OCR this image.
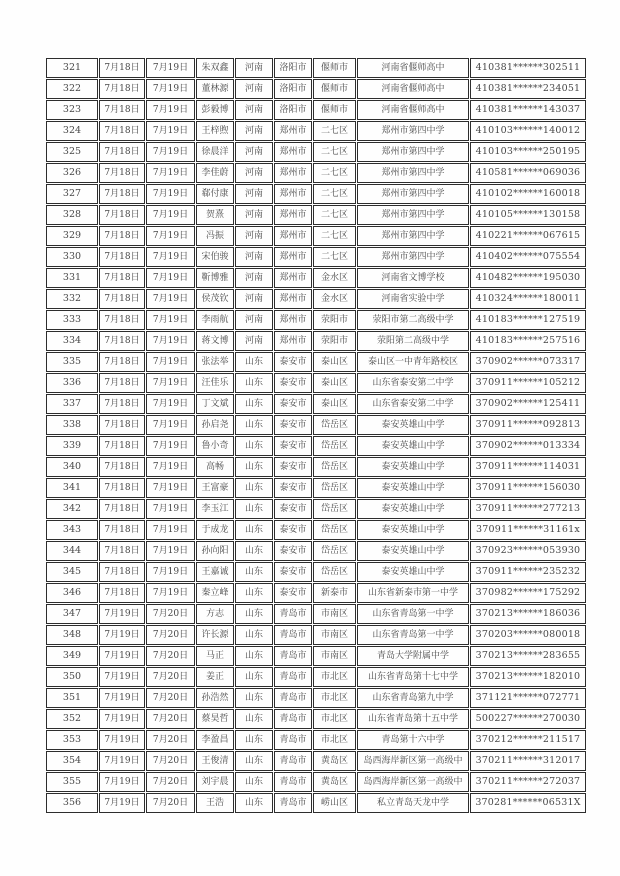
321	7月18日	7月19日	朱双鑫	河南	洛阳市	偃师市	河南省偃师高中	410381******302511
322	7月18日	7月19日	董林源	河南	洛阳市	偃师市	河南省偃师高中	410381******234051
323	7月18日	7月19日	彭毅博	河南	洛阳市	偃师市	河南省偃师高中	410381******143037
324	7月18日	7月19日	王梓煦	河南	郑州市	二七区	郑州市第四中学	410103******140012
325	7月18日	7月19日	徐晨洋	河南	郑州市	二七区	郑州市第四中学	410103******250195
326	7月18日	7月19日	李佳蔚	河南	郑州市	二七区	郑州市第四中学	410581******069036
327	7月18日	7月19日	郗付康	河南	郑州市	二七区	郑州市第四中学	410102******160018
328	7月18日	7月19日	贺熹	河南	郑州市	二七区	郑州市第四中学	410105******130158
329	7月18日	7月19日	冯振	河南	郑州市	二七区	郑州市第四中学	410221******067615
330	7月18日	7月19日	宋伯骏	河南	郑州市	二七区	郑州市第四中学	410402******075554
331	7月18日	7月19日	靳博雅	河南	郑州市	金水区	河南省文博学校	410482******195030
332	7月18日	7月19日	侯茂钦	河南	郑州市	金水区	河南省实验中学	410324******180011
333	7月18日	7月19日	李雨航	河南	郑州市	荥阳市	荥阳市第二高级中学	410183******127519
334	7月18日	7月19日	蒋文博	河南	郑州市	荥阳市	荥阳第二高级中学	410183******257516
335	7月18日	7月19日	张法举	山东	泰安市	泰山区	泰山区一中青年路校区	370902******073317
336	7月18日	7月19日	汪佳乐	山东	泰安市	泰山区	山东省泰安第二中学	370911******105212
337	7月18日	7月19日	丁文斌	山东	泰安市	泰山区	山东省泰安第二中学	370902******125411
338	7月18日	7月19日	孙启尧	山东	泰安市	岱岳区	泰安英雄山中学	370911******092813
339	7月18日	7月19日	鲁小奇	山东	泰安市	岱岳区	泰安英雄山中学	370902******013334
340	7月18日	7月19日	高畅	山东	泰安市	岱岳区	泰安英雄山中学	370911******114031
341	7月18日	7月19日	王富豪	山东	泰安市	岱岳区	泰安英雄山中学	370911******156030
342	7月18日	7月19日	李玉江	山东	泰安市	岱岳区	泰安英雄山中学	370911******277213
343	7月18日	7月19日	于成龙	山东	泰安市	岱岳区	泰安英雄山中学	370911******31161x
344	7月18日	7月19日	孙向阳	山东	泰安市	岱岳区	泰安英雄山中学	370923******053930
345	7月18日	7月19日	王嘉诚	山东	泰安市	岱岳区	泰安英雄山中学	370911******235232
346	7月18日	7月19日	秦立峰	山东	泰安市	新泰市	山东省新泰市第一中学	370982******175292
347	7月19日	7月20日	方志	山东	青岛市	市南区	山东省青岛第一中学	370213******186036
348	7月19日	7月20日	许长源	山东	青岛市	市南区	山东省青岛第一中学	370203******080018
349	7月19日	7月20日	马正	山东	青岛市	市南区	青岛大学附属中学	370213******283655
350	7月19日	7月20日	姜正	山东	青岛市	市北区	山东省青岛第十七中学	370213******182010
351	7月19日	7月20日	孙浩然	山东	青岛市	市北区	山东省青岛第九中学	371121******072771
352	7月19日	7月20日	蔡昊哲	山东	青岛市	市北区	山东省青岛第十五中学	500227******270030
353	7月19日	7月20日	李盈昌	山东	青岛市	市北区	青岛第十六中学	370212******211517
354	7月19日	7月20日	王俊清	山东	青岛市	黄岛区	岛西海岸新区第一高级中	370211******312017
355	7月19日	7月20日	刘宇晨	山东	青岛市	黄岛区	岛西海岸新区第一高级中	370211******272037
356	7月19日	7月20日	王浩	山东	青岛市	崂山区	私立青岛天龙中学	370281******06531X
